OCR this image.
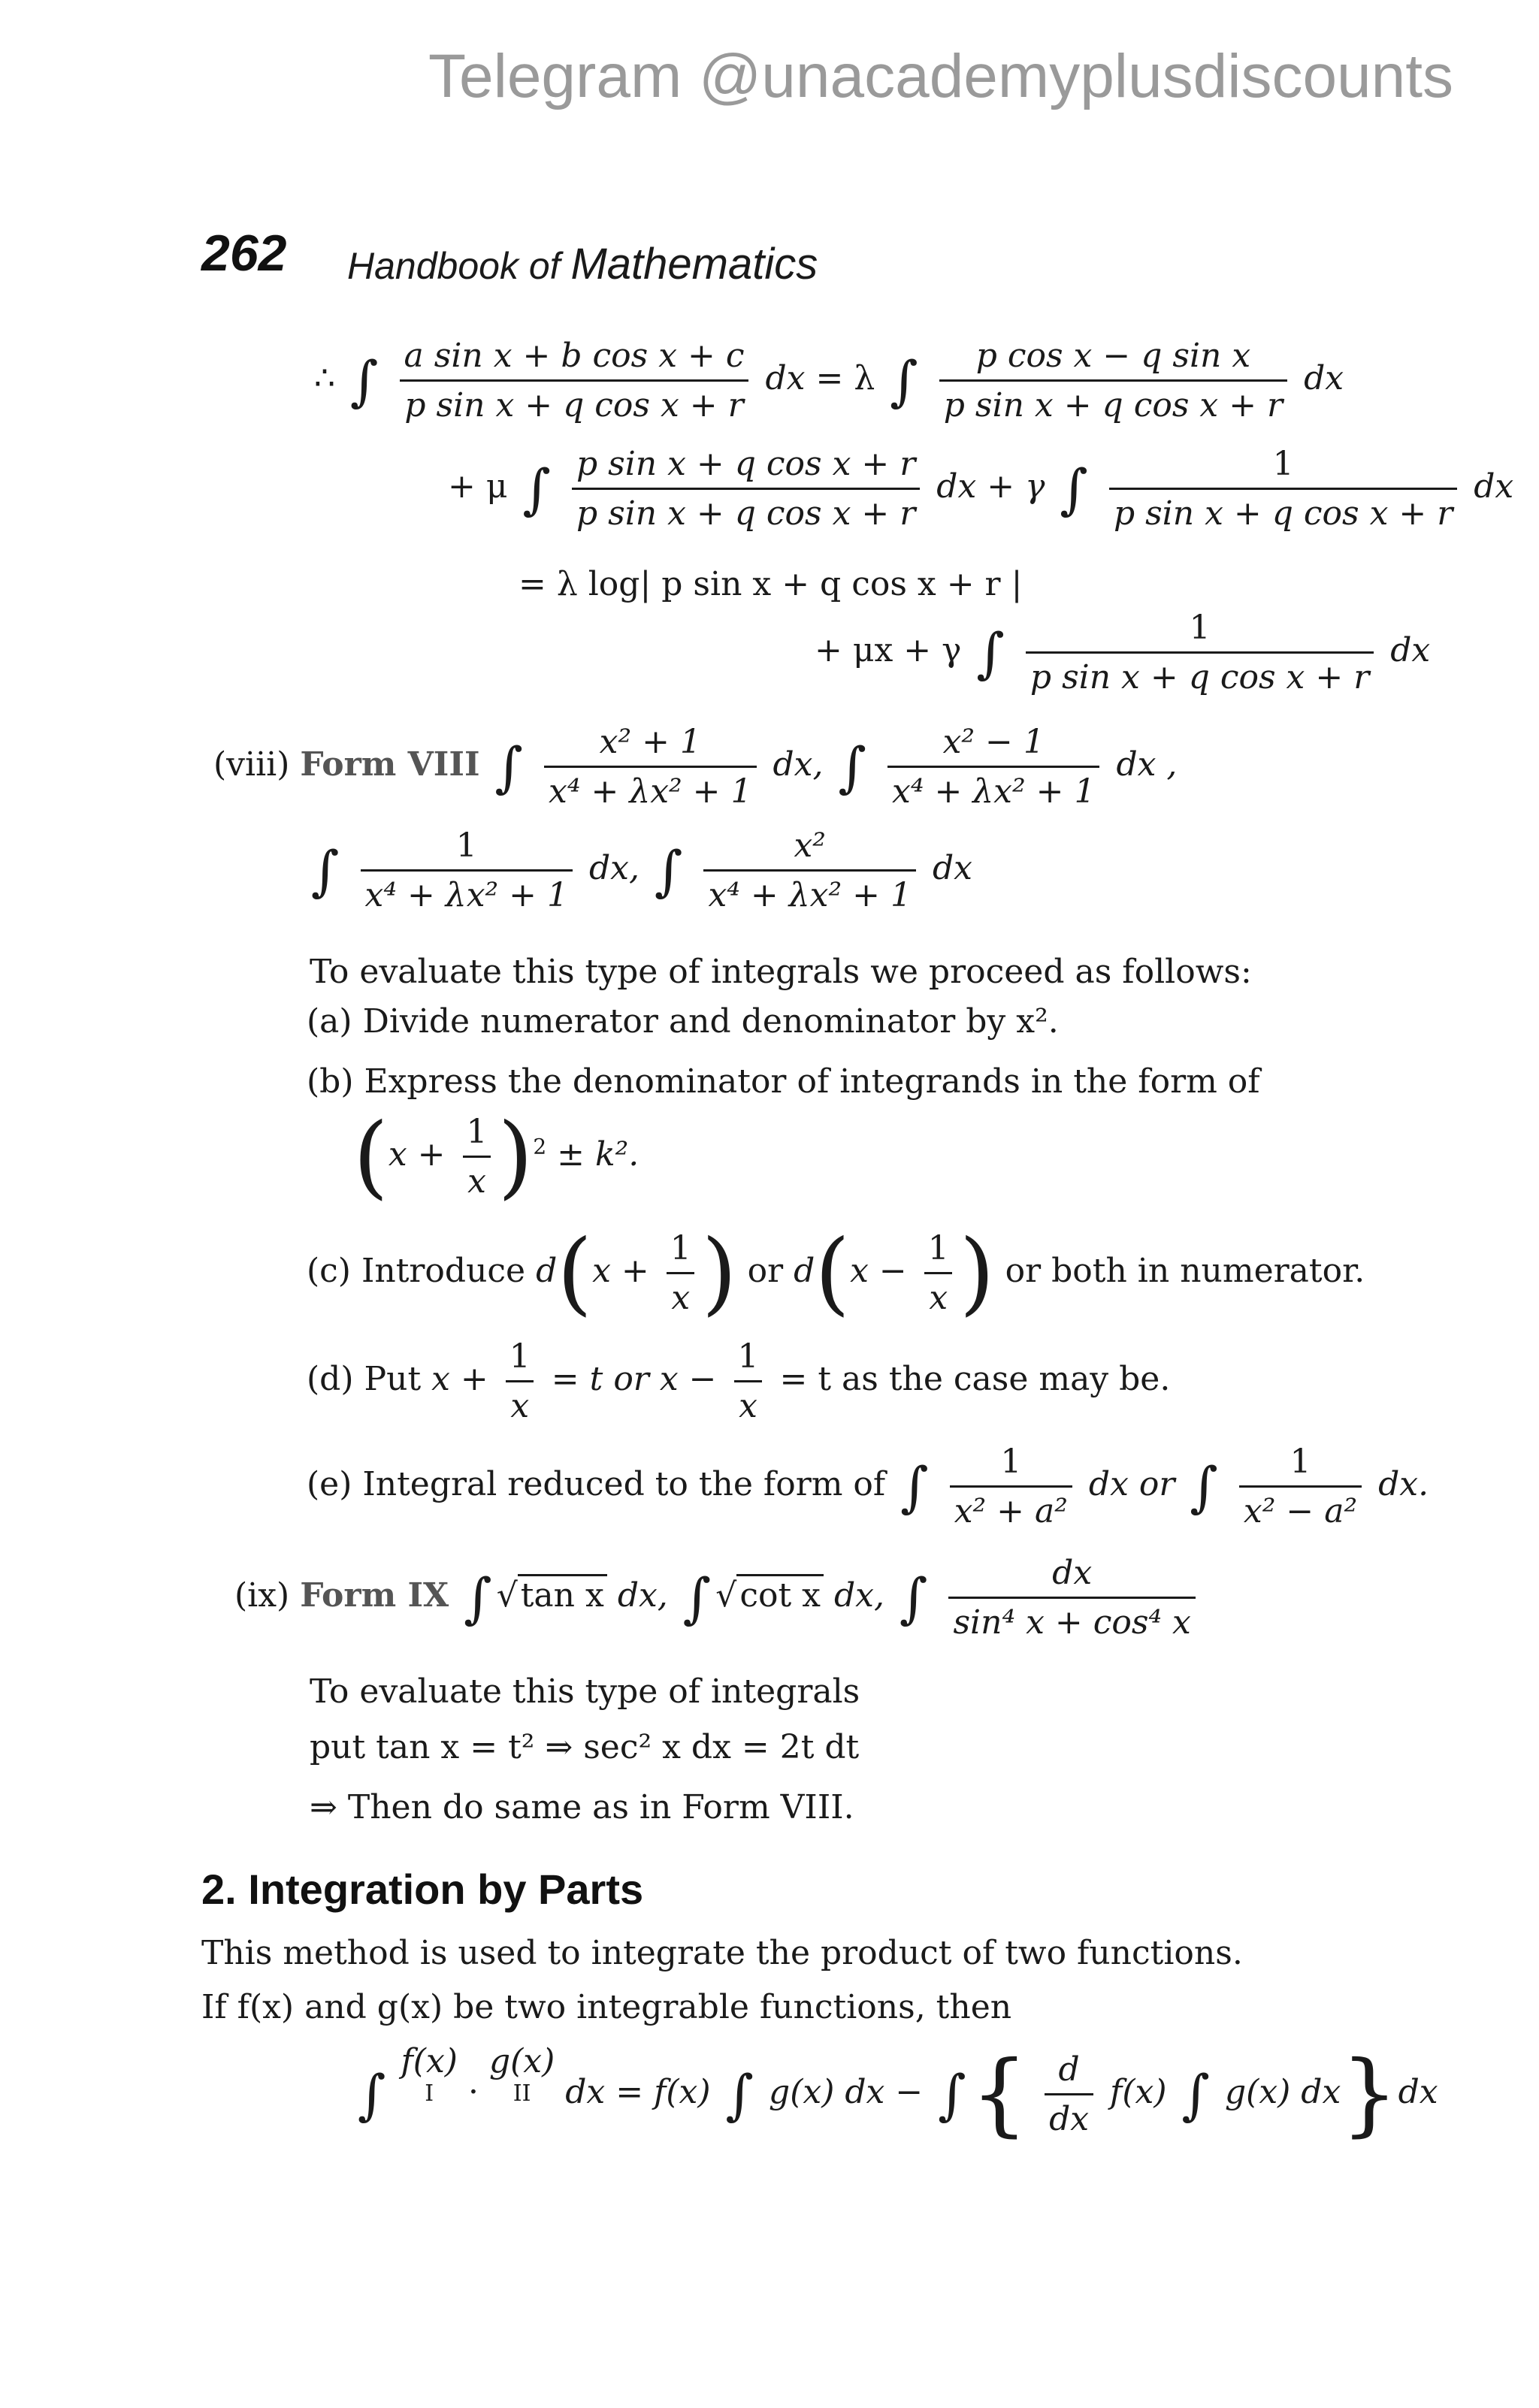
Telegram @unacademyplusdiscounts
262 Handbook of Mathematics
∴ ∫ $\frac{\text{a sin x + b cos x + c}}{\text{p sin x + q cos x + r}}$ dx = λ ∫ $\frac{\text{p cos x − q sin x}}{\text{p sin x + q cos x + r}}$ dx
+ μ ∫ $\frac{\text{p sin x + q cos x + r}}{\text{p sin x + q cos x + r}}$ dx + γ ∫ $\frac{1}{\text{p sin x + q cos x + r}}$ dx
= λ log| p sin x + q cos x + r |
+ μx + γ ∫ $\frac{1}{\text{p sin x + q cos x + r}}$ dx
(viii) Form VIII ∫ $\frac{\text{x² + 1}}{\text{x⁴ + λx² + 1}}$ dx, ∫ $\frac{\text{x² − 1}}{\text{x⁴ + λx² + 1}}$ dx ,
∫ $\frac{1}{\text{x⁴ + λx² + 1}}$ dx, ∫ $\frac{\text{x²}}{\text{x⁴ + λx² + 1}}$ dx
To evaluate this type of integrals we proceed as follows:
(a) Divide numerator and denominator by x².
(b) Express the denominator of integrands in the form of
$(x + \frac{1}{x} )^2 \pm k^2$.
(c) Introduce $d(x + \frac{1}{x}$ ) or $d(x - \frac{1}{x}$ ) or both in numerator.
(d) Put $x + \frac{1}{x} = t$ or $x - \frac{1}{x} = t$ as the case may be.
(e) Integral reduced to the form of ∫ $\frac{1}{\text{x² + a²}}$ dx or ∫ $\frac{1}{\text{x² − a²}}$ dx.
(ix) Form IX ∫ √tan x dx, ∫ √cot x dx, ∫ $\frac{dx}{\text{sin⁴ x + cos⁴ x}}$
To evaluate this type of integrals
put tan x = t² ⇒ sec² x dx = 2t dt
⇒ Then do same as in Form VIII.
2. Integration by Parts
This method is used to integrate the product of two functions.
If f(x) and g(x) be two integrable functions, then
∫
f(x)
I ·
g(x)
II dx = f(x) ∫ g(x) dx − ∫{ $\frac{d}{dx} f(x)$ ∫ g(x) dx}dx
